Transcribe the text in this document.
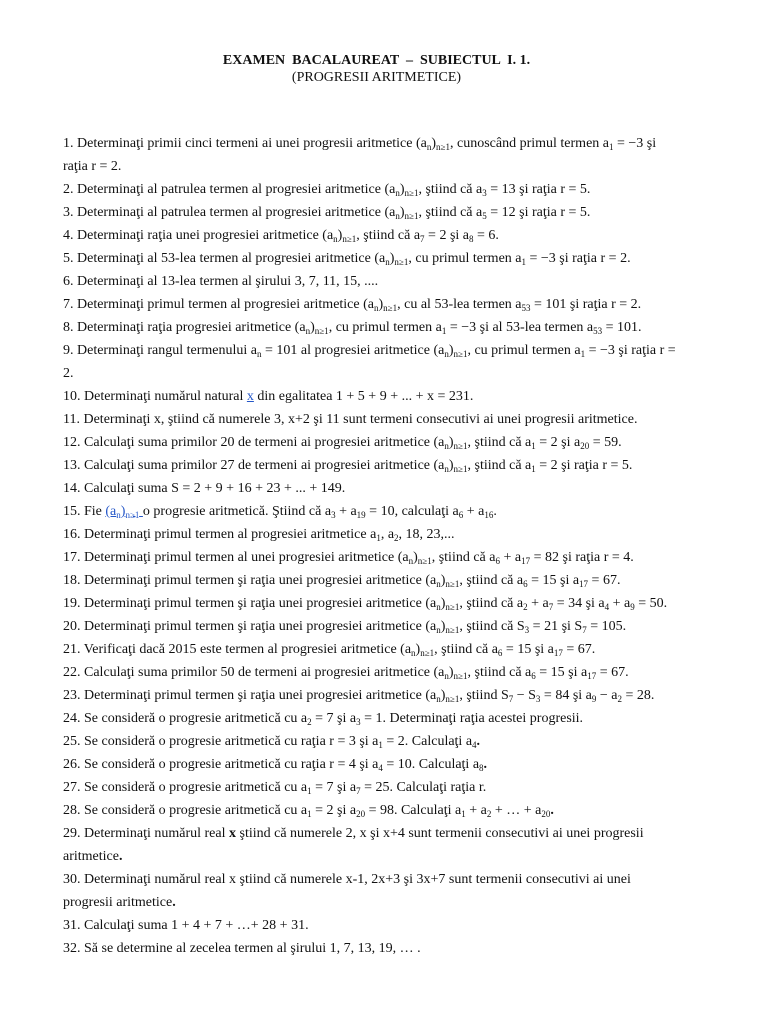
EXAMEN  BACALAUREAT  –  SUBIECTUL  I. 1.
(PROGRESII ARITMETICE)
1. Determinaţi primii cinci termeni ai unei progresii aritmetice $(a_n)_{n\ge 1}$, cunoscând primul termen $a_1 = -3$ şi
raţia r = 2.
2. Determinaţi al patrulea termen al progresiei aritmetice $(a_n)_{n\ge 1}$, ştiind că $a_3 = 13$ şi raţia r = 5.
3. Determinaţi al patrulea termen al progresiei aritmetice $(a_n)_{n\ge 1}$, ştiind că $a_5 = 12$ şi raţia r = 5.
4. Determinaţi raţia unei progresiei aritmetice $(a_n)_{n\ge 1}$, ştiind că $a_7 = 2$ şi $a_8 = 6$.
5. Determinaţi al 53-lea termen al progresiei aritmetice $(a_n)_{n\ge 1}$, cu primul termen $a_1 = -3$ şi raţia r = 2.
6. Determinaţi al 13-lea termen al şirului 3, 7, 11, 15, ....
7. Determinaţi primul termen al progresiei aritmetice $(a_n)_{n\ge 1}$, cu al 53-lea termen $a_{53} = 101$ şi raţia r = 2.
8. Determinaţi raţia progresiei aritmetice $(a_n)_{n\ge 1}$, cu primul termen $a_1 = -3$ şi al 53-lea termen $a_{53} = 101$.
9. Determinaţi rangul termenului $a_n = 101$ al progresiei aritmetice $(a_n)_{n\ge 1}$, cu primul termen $a_1 = -3$ şi raţia r =
2.
10. Determinaţi numărul natural x din egalitatea 1 + 5 + 9 + ... + x = 231.
11. Determinaţi x, ştiind că numerele 3, x+2 şi 11 sunt termeni consecutivi ai unei progresii aritmetice.
12. Calculaţi suma primilor 20 de termeni ai progresiei aritmetice $(a_n)_{n\ge 1}$, ştiind că $a_1 = 2$ şi $a_{20} = 59$.
13. Calculaţi suma primilor 27 de termeni ai progresiei aritmetice $(a_n)_{n\ge 1}$, ştiind că $a_1 = 2$ şi raţia r = 5.
14. Calculaţi suma S = 2 + 9 + 16 + 23 + ... + 149.
15. Fie $(a_n)_{n\ge 1}$ o progresie aritmetică. Ştiind că $a_3 + a_{19} = 10$, calculaţi $a_6 + a_{16}$.
16. Determinaţi primul termen al progresiei aritmetice $a_1$, $a_2$, 18, 23,...
17. Determinaţi primul termen al unei progresiei aritmetice $(a_n)_{n\ge 1}$, ştiind că $a_6 + a_{17} = 82$ şi raţia r = 4.
18. Determinaţi primul termen şi raţia unei progresiei aritmetice $(a_n)_{n\ge 1}$, ştiind că $a_6 = 15$ şi $a_{17} = 67$.
19. Determinaţi primul termen şi raţia unei progresiei aritmetice $(a_n)_{n\ge 1}$, ştiind că $a_2 + a_7 = 34$ şi $a_4 + a_9 = 50$.
20. Determinaţi primul termen şi raţia unei progresiei aritmetice $(a_n)_{n\ge 1}$, ştiind că $S_3 = 21$ şi $S_7 = 105$.
21. Verificaţi dacă 2015 este termen al progresiei aritmetice $(a_n)_{n\ge 1}$, ştiind că $a_6 = 15$ şi $a_{17} = 67$.
22. Calculaţi suma primilor 50 de termeni ai progresiei aritmetice $(a_n)_{n\ge 1}$, ştiind că $a_6 = 15$ şi $a_{17} = 67$.
23. Determinaţi primul termen şi raţia unei progresiei aritmetice $(a_n)_{n\ge 1}$, ştiind $S_7 - S_3 = 84$ şi $a_9 - a_2 = 28$.
24. Se consideră o progresie aritmetică cu $a_2 = 7$ şi $a_3 = 1$. Determinaţi raţia acestei progresii.
25. Se consideră o progresie aritmetică cu raţia r = 3 şi $a_1 = 2$. Calculaţi $a_4$.
26. Se consideră o progresie aritmetică cu raţia r = 4 şi $a_4 = 10$. Calculaţi $a_8$.
27. Se consideră o progresie aritmetică cu $a_1 = 7$ şi $a_7 = 25$. Calculaţi raţia r.
28. Se consideră o progresie aritmetică cu $a_1 = 2$ şi $a_{20} = 98$. Calculaţi $a_1 + a_2$ + … + $a_{20}$.
29. Determinaţi numărul real x ştiind că numerele 2, x şi x+4 sunt termenii consecutivi ai unei progresii
aritmetice.
30. Determinaţi numărul real x ştiind că numerele x-1, 2x+3 şi 3x+7 sunt termenii consecutivi ai unei
progresii aritmetice.
31. Calculaţi suma 1 + 4 + 7 + …+ 28 + 31.
32. Să se determine al zecelea termen al şirului 1, 7, 13, 19, … .
